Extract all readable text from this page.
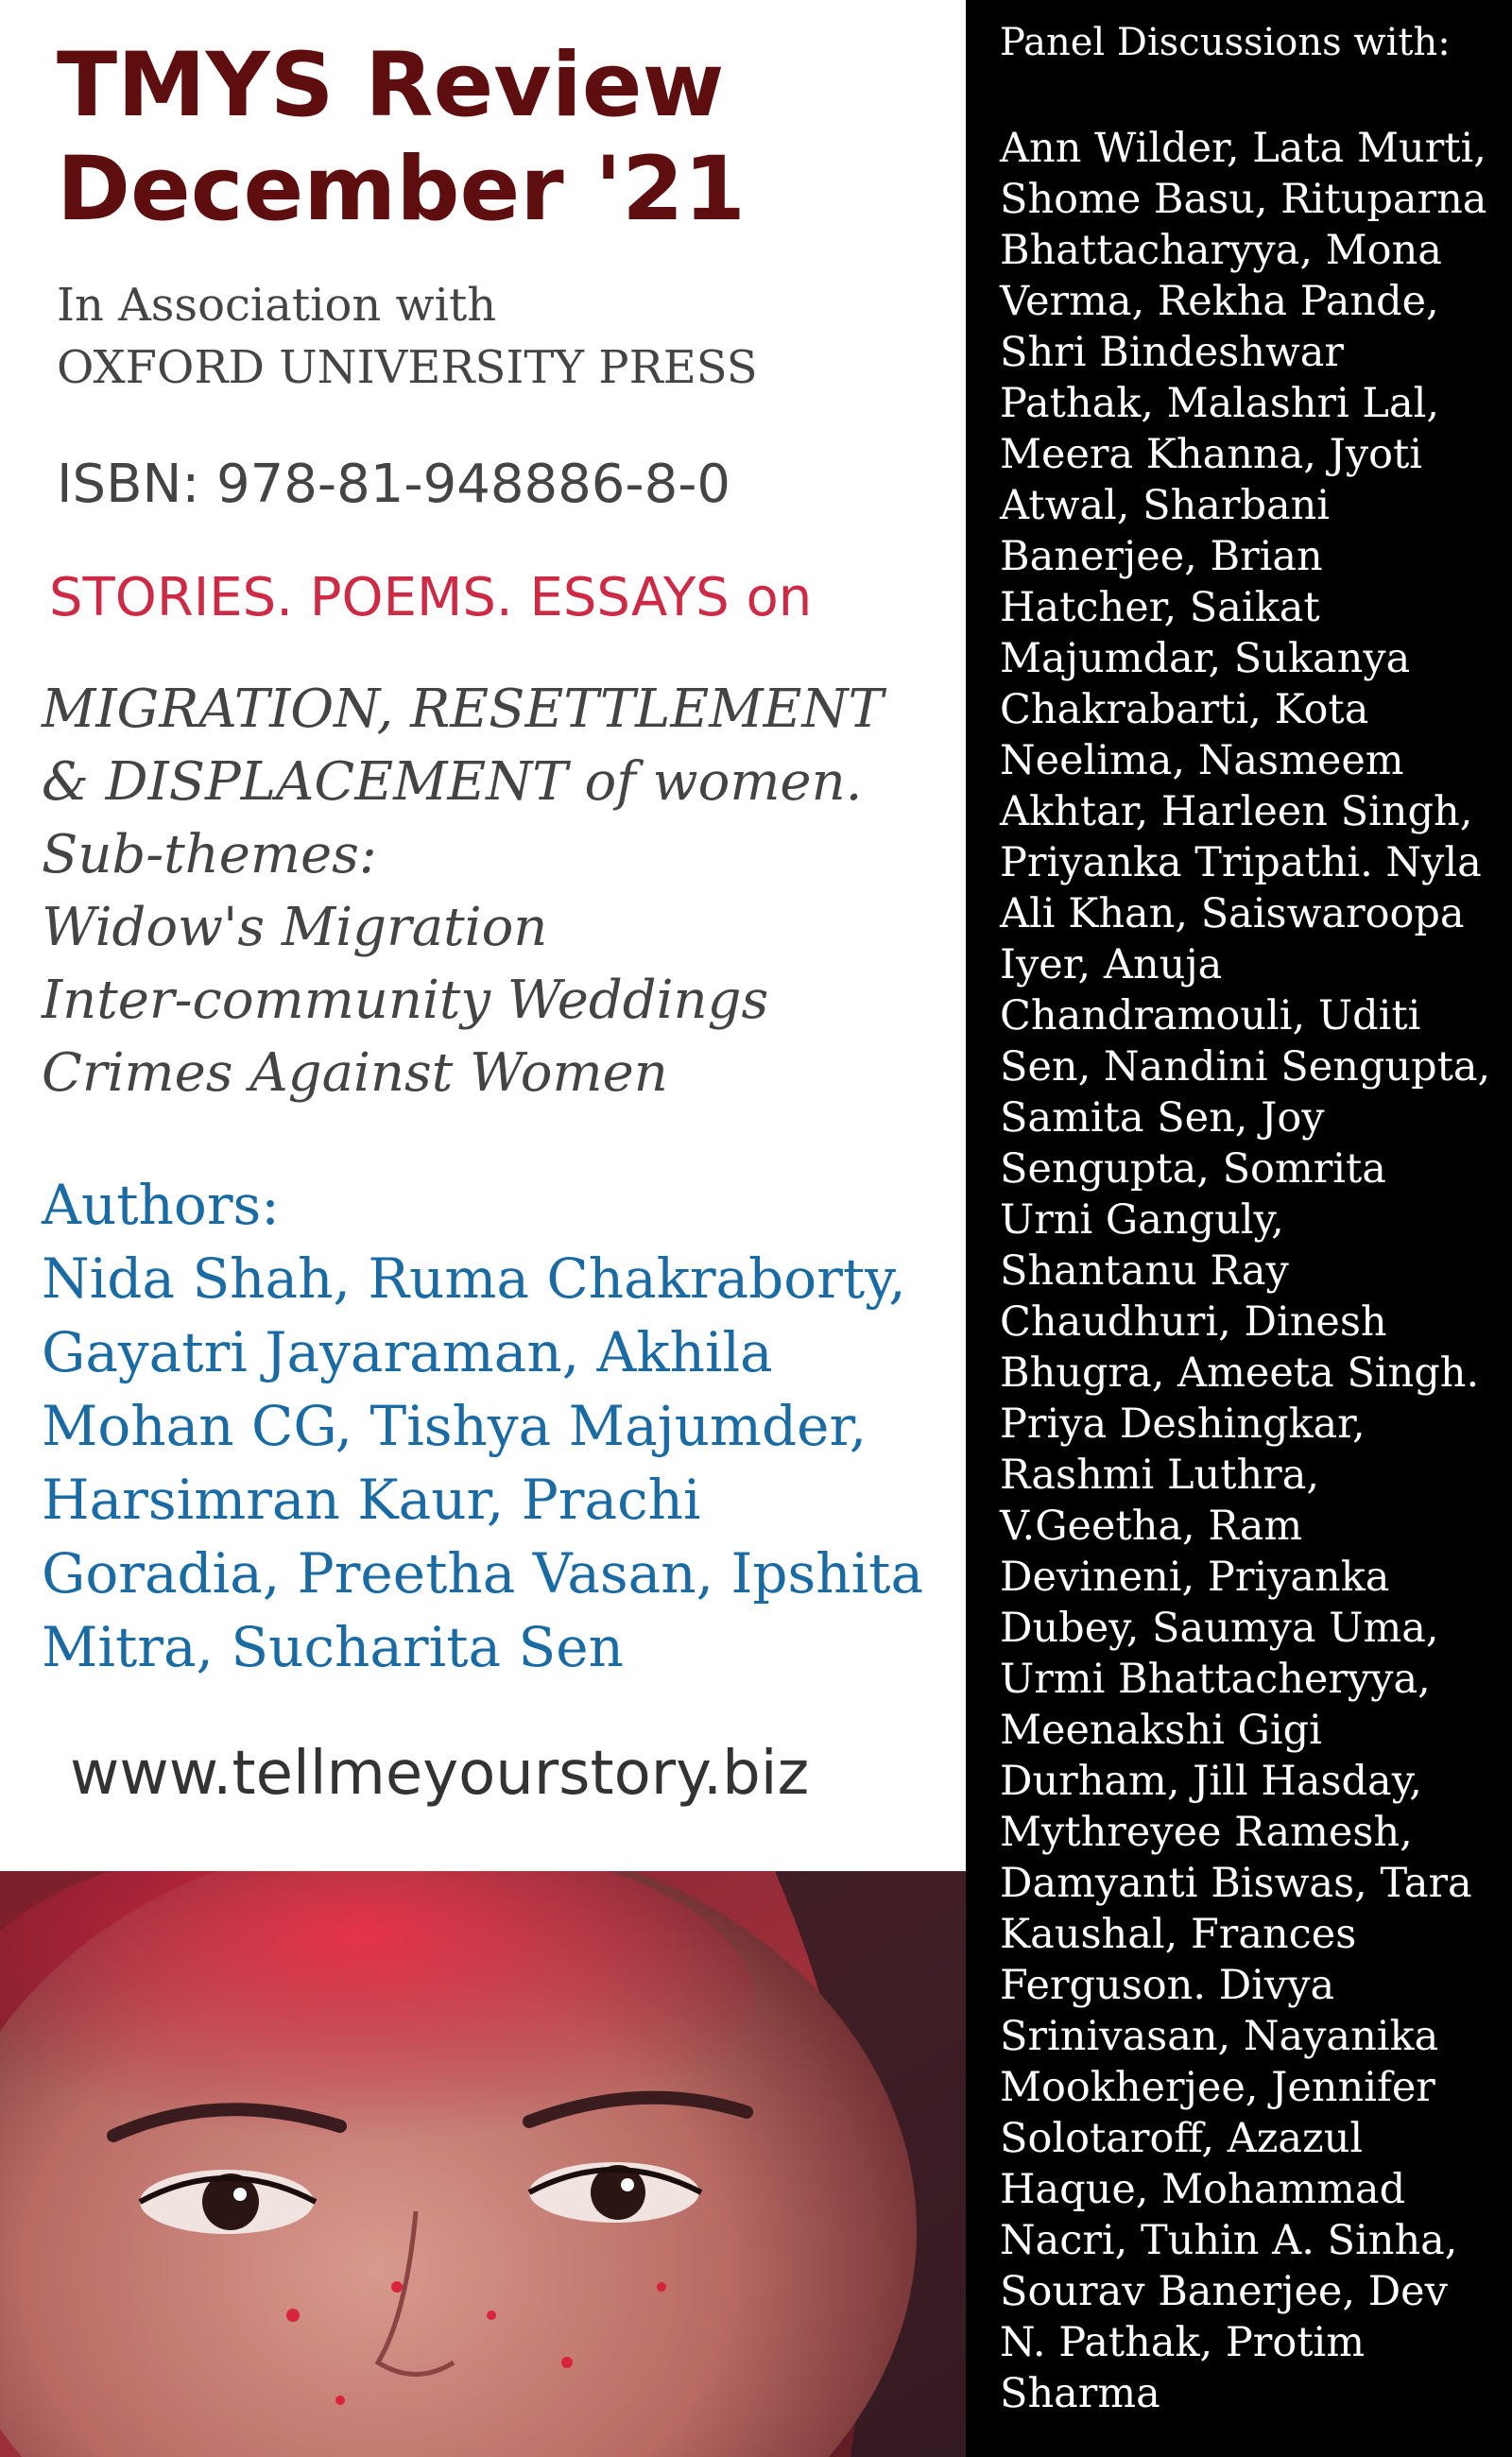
TMYS Review
December '21
In Association with
OXFORD UNIVERSITY PRESS
ISBN: 978-81-948886-8-0
STORIES. POEMS. ESSAYS on
MIGRATION, RESETTLEMENT
& DISPLACEMENT of women.
Sub-themes:
Widow's Migration
Inter-community Weddings
Crimes Against Women
Authors:
Nida Shah, Ruma Chakraborty, Gayatri Jayaraman, Akhila Mohan CG, Tishya Majumder, Harsimran Kaur, Prachi Goradia, Preetha Vasan, Ipshita Mitra, Sucharita Sen
www.tellmeyourstory.biz
Panel Discussions with:
Ann Wilder, Lata Murti, Shome Basu, Rituparna Bhattacharyya, Mona Verma, Rekha Pande, Shri Bindeshwar Pathak, Malashri Lal, Meera Khanna, Jyoti Atwal, Sharbani Banerjee, Brian Hatcher, Saikat Majumdar, Sukanya Chakrabarti, Kota Neelima, Nasmeem Akhtar, Harleen Singh, Priyanka Tripathi. Nyla Ali Khan, Saiswaroopa Iyer, Anuja Chandramouli, Uditi Sen, Nandini Sengupta, Samita Sen, Joy Sengupta, Somrita Urni Ganguly, Shantanu Ray Chaudhuri, Dinesh Bhugra, Ameeta Singh. Priya Deshingkar, Rashmi Luthra, V.Geetha, Ram Devineni, Priyanka Dubey, Saumya Uma, Urmi Bhattacheryya, Meenakshi Gigi Durham, Jill Hasday, Mythreyee Ramesh, Damyanti Biswas, Tara Kaushal, Frances Ferguson. Divya Srinivasan, Nayanika Mookherjee, Jennifer Solotaroff, Azazul Haque, Mohammad Nacri, Tuhin A. Sinha, Sourav Banerjee, Dev N. Pathak, Protim Sharma
